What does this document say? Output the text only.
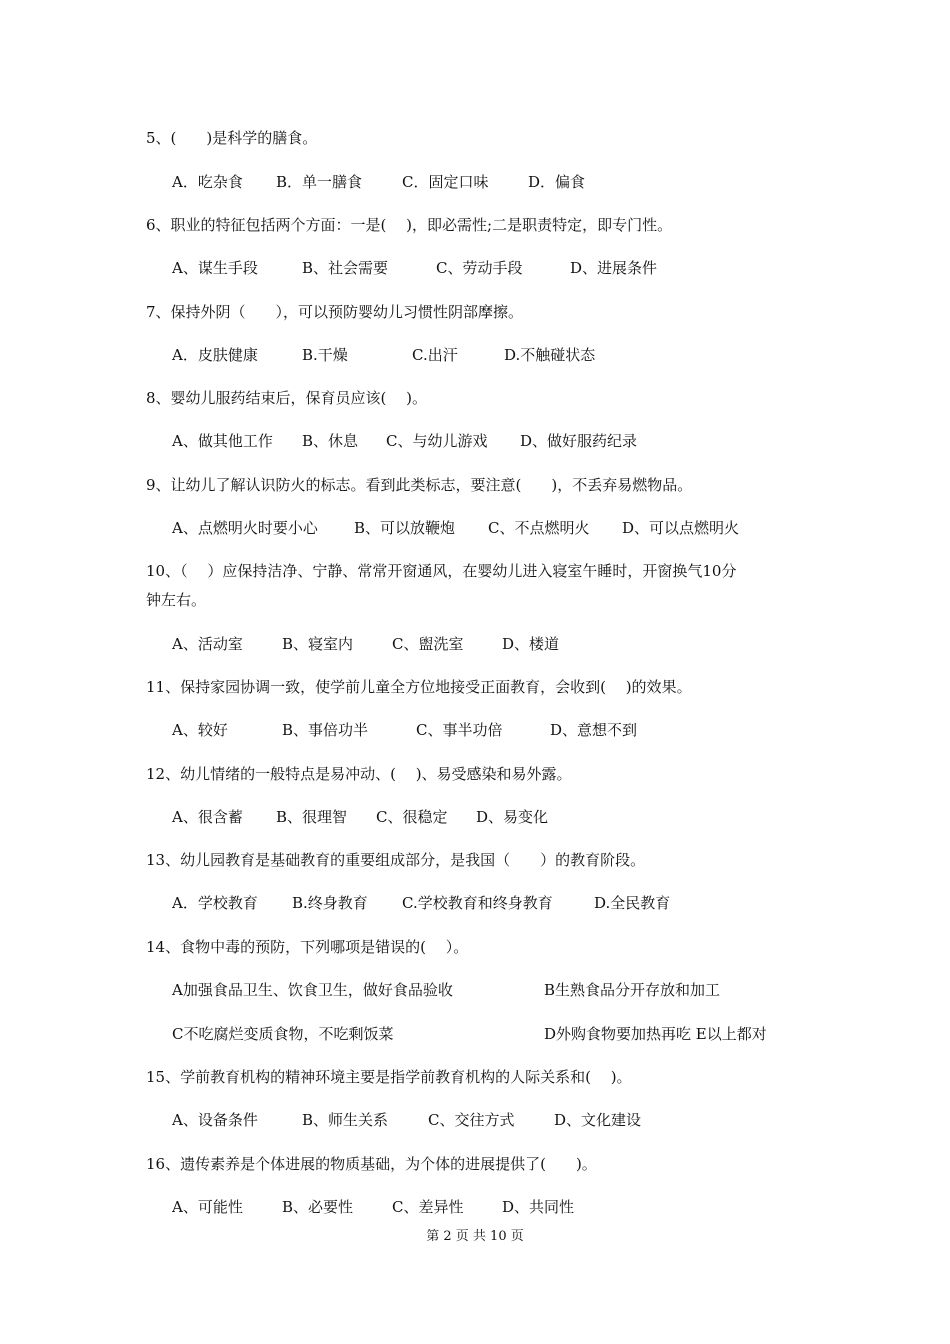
5、(　　)是科学的膳食。
A．吃杂食 B．单一膳食	C．固定口味	D．偏食
6、职业的特征包括两个方面：一是(　 )，即必需性;二是职责特定，即专门性。
A、谋生手段	B、社会需要	C、劳动手段	D、进展条件
7、保持外阴（　　），可以预防婴幼儿习惯性阴部摩擦。
A．皮肤健康	B.干燥	C.出汗	D.不触碰状态
8、婴幼儿服药结束后，保育员应该(　 )。
A、做其他工作 B、休息 C、与幼儿游戏 D、做好服药纪录
9、让幼儿了解认识防火的标志。看到此类标志，要注意(　　)，不丢弃易燃物品。
A、点燃明火时要小心 B、可以放鞭炮 C、不点燃明火 D、可以点燃明火
10、（　 ）应保持洁净、宁静、常常开窗通风，在婴幼儿进入寝室午睡时，开窗换气10分
钟左右。
A、活动室	B、寝室内	C、盥洗室	D、楼道
11、保持家园协调一致，使学前儿童全方位地接受正面教育，会收到(　 )的效果。
A、较好	B、事倍功半	C、事半功倍	D、意想不到
12、幼儿情绪的一般特点是易冲动、(　 )、易受感染和易外露。
A、很含蓄 B、很理智 C、很稳定 D、易变化
13、幼儿园教育是基础教育的重要组成部分，是我国（　　）的教育阶段。
A．学校教育 B.终身教育 C.学校教育和终身教育	D.全民教育
14、食物中毒的预防，下列哪项是错误的(　 ）。
A加强食品卫生、饮食卫生，做好食品验收	B生熟食品分开存放和加工
C不吃腐烂变质食物，不吃剩饭菜	D外购食物要加热再吃 E以上都对
15、学前教育机构的精神环境主要是指学前教育机构的人际关系和(　 )。
A、设备条件	B、师生关系	C、交往方式	D、文化建设
16、遗传素养是个体进展的物质基础，为个体的进展提供了(　　)。
A、可能性	B、必要性	C、差异性	D、共同性
第 2 页 共 10 页
